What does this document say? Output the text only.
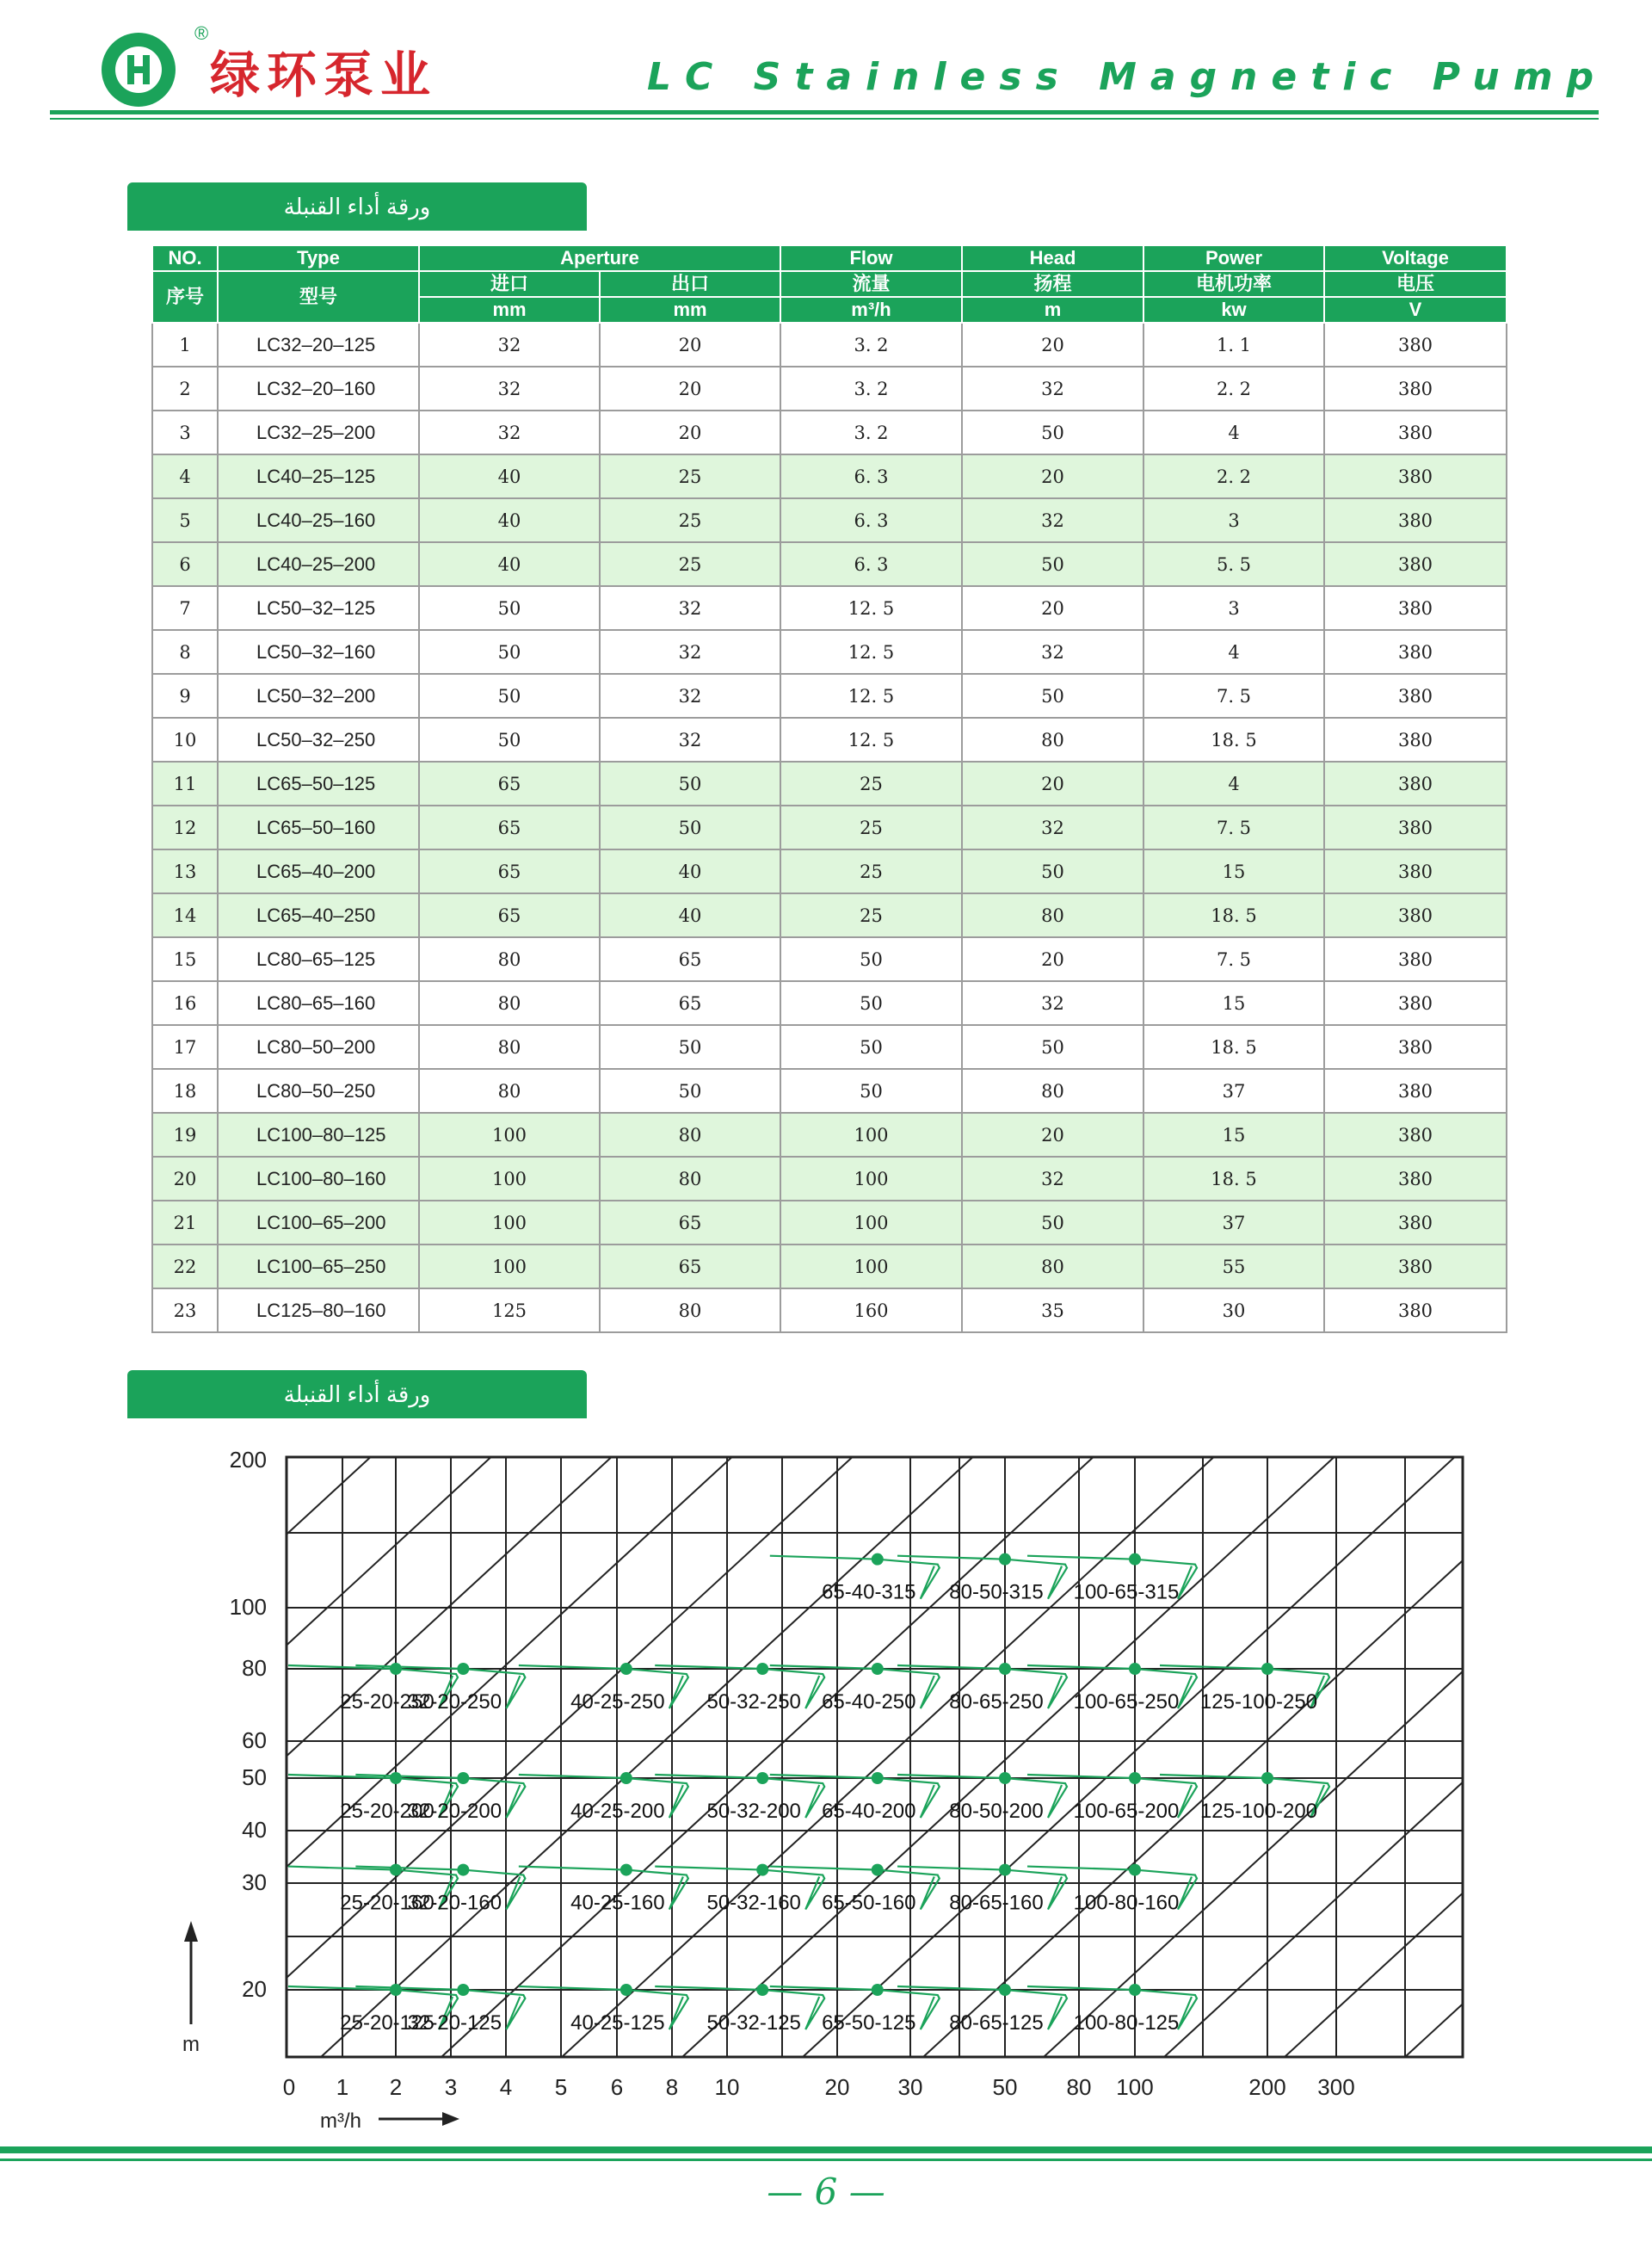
®
绿环泵业	LC Stainless Magnetic Pump
ورقة أداء القنبلة
NO.	Type	Aperture		Flow	Head	Power	Voltage
序号	型号	进口	出口	流量	扬程	电机功率	电压
		mm	mm	m³/h	m	kw	V
1	LC32–20–125	32	20	3. 2	20	1. 1	380
2	LC32–20–160	32	20	3. 2	32	2. 2	380
3	LC32–25–200	32	20	3. 2	50	4	380
4	LC40–25–125	40	25	6. 3	20	2. 2	380
5	LC40–25–160	40	25	6. 3	32	3	380
6	LC40–25–200	40	25	6. 3	50	5. 5	380
7	LC50–32–125	50	32	12. 5	20	3	380
8	LC50–32–160	50	32	12. 5	32	4	380
9	LC50–32–200	50	32	12. 5	50	7. 5	380
10	LC50–32–250	50	32	12. 5	80	18. 5	380
11	LC65–50–125	65	50	25	20	4	380
12	LC65–50–160	65	50	25	32	7. 5	380
13	LC65–40–200	65	40	25	50	15	380
14	LC65–40–250	65	40	25	80	18. 5	380
15	LC80–65–125	80	65	50	20	7. 5	380
16	LC80–65–160	80	65	50	32	15	380
17	LC80–50–200	80	50	50	50	18. 5	380
18	LC80–50–250	80	50	50	80	37	380
19	LC100–80–125	100	80	100	20	15	380
20	LC100–80–160	100	80	100	32	18. 5	380
21	LC100–65–200	100	65	100	50	37	380
22	LC100–65–250	100	65	100	80	55	380
23	LC125–80–160	125	80	160	35	30	380
ورقة أداء القنبلة
200
100
80
60
50
40
30
20
0 1 2 3 4 5 6 8 10	20 30	50 80 100	200 300
m
m³/h
65-40-315 80-50-315 100-65-315
25-20-250
32-20-250	40-25-250 50-32-250 65-40-250 80-65-250 100-65-250 125-100-250
25-20-200
32-20-200	40-25-200 50-32-200 65-40-200 80-50-200 100-65-200 125-100-200
25-20-160
32-20-160	40-25-160 50-32-160 65-50-160 80-65-160 100-80-160
25-20-125
32-20-125	40-25-125 50-32-125 65-50-125 80-65-125 100-80-125
— 6 —
